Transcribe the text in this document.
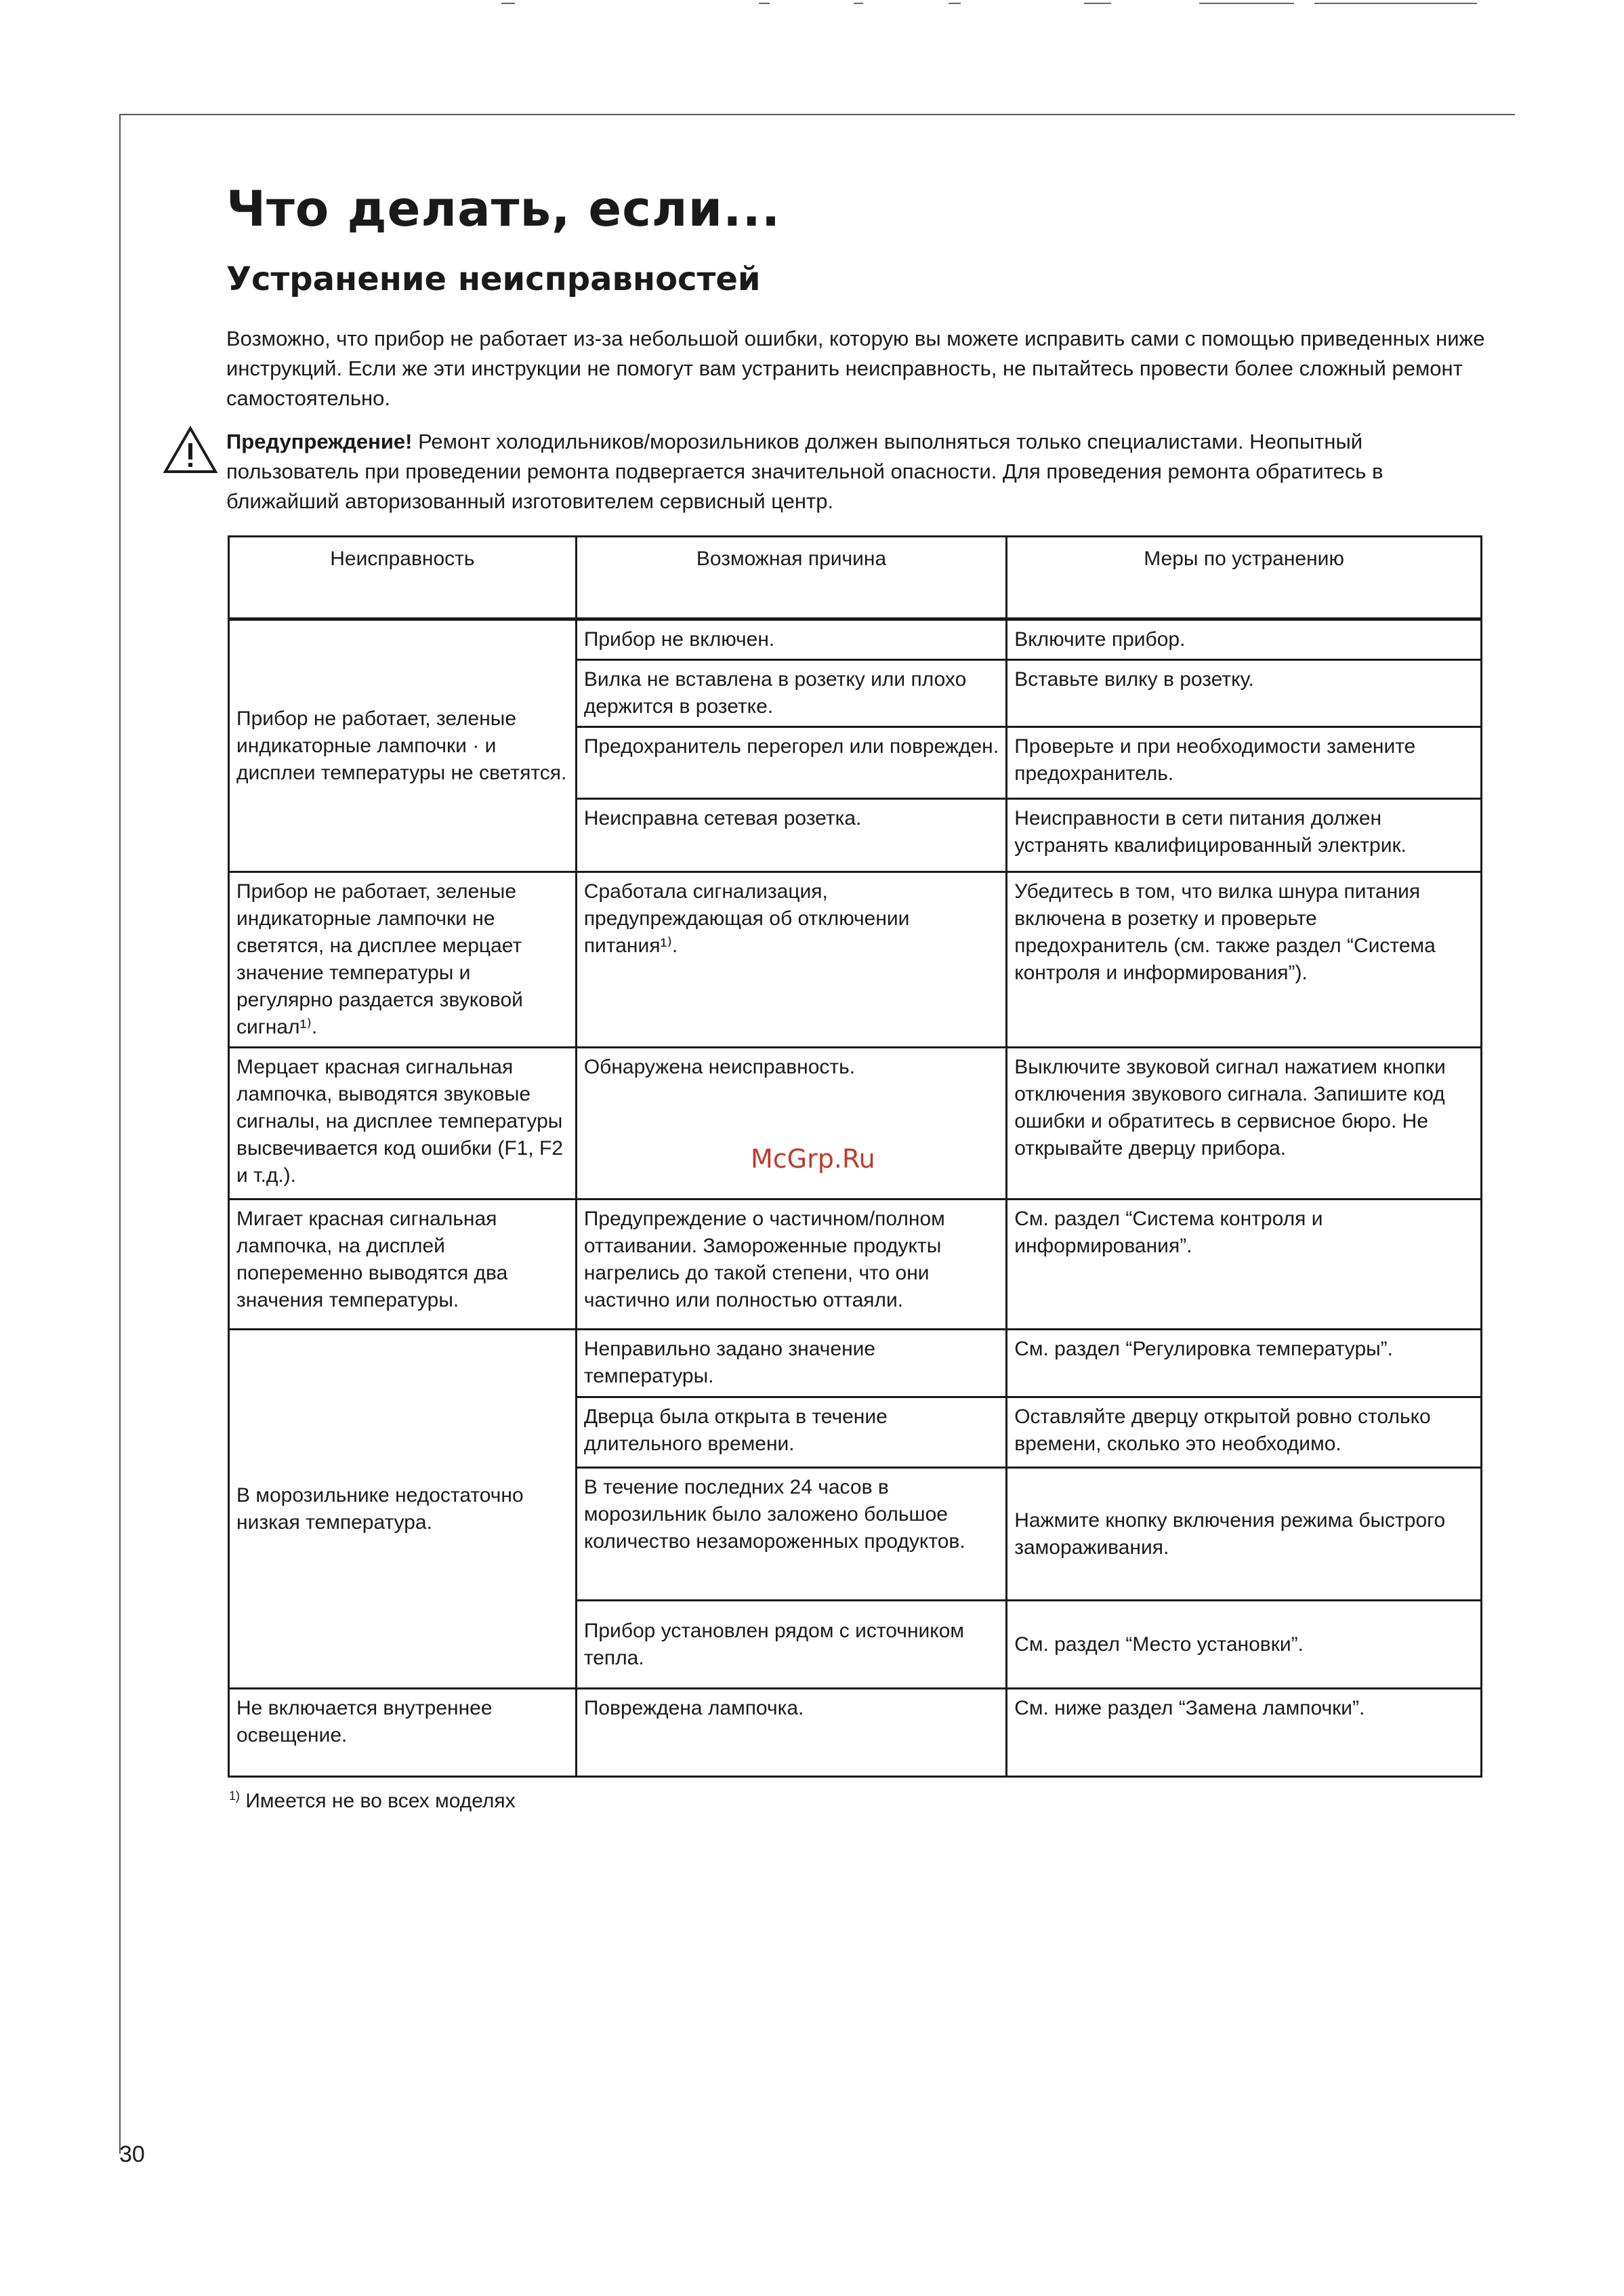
Что делать, если...
Устранение неисправностей

Возможно, что прибор не работает из-за небольшой ошибки, которую вы можете исправить сами с помощью приведенных ниже инструкций. Если же эти инструкции не помогут вам устранить неисправность, не пытайтесь провести более сложный ремонт самостоятельно.

Предупреждение! Ремонт холодильников/морозильников должен выполняться только специалистами. Неопытный пользователь при проведении ремонта подвергается значительной опасности. Для проведения ремонта обратитесь в ближайший авторизованный изготовителем сервисный центр.

Неисправность	Возможная причина	Меры по устранению
Прибор не работает, зеленые индикаторные лампочки · и дисплеи температуры не светятся.	Прибор не включен.	Включите прибор.
	Вилка не вставлена в розетку или плохо держится в розетке.	Вставьте вилку в розетку.
	Предохранитель перегорел или поврежден.	Проверьте и при необходимости замените предохранитель.
	Неисправна сетевая розетка.	Неисправности в сети питания должен устранять квалифицированный электрик.
Прибор не работает, зеленые индикаторные лампочки не светятся, на дисплее мерцает значение температуры и регулярно раздается звуковой сигнал¹⁾.	Сработала сигнализация, предупреждающая об отключении питания¹⁾.	Убедитесь в том, что вилка шнура питания включена в розетку и проверьте предохранитель (см. также раздел “Система контроля и информирования”).
Мерцает красная сигнальная лампочка, выводятся звуковые сигналы, на дисплее температуры высвечивается код ошибки (F1, F2 и т.д.).	Обнаружена неисправность.	Выключите звуковой сигнал нажатием кнопки отключения звукового сигнала. Запишите код ошибки и обратитесь в сервисное бюро. Не открывайте дверцу прибора.
Мигает красная сигнальная лампочка, на дисплей попеременно выводятся два значения температуры.	Предупреждение о частичном/полном оттаивании. Замороженные продукты нагрелись до такой степени, что они частично или полностью оттаяли.	См. раздел “Система контроля и информирования”.
В морозильнике недостаточно низкая температура.	Неправильно задано значение температуры.	См. раздел “Регулировка температуры”.
	Дверца была открыта в течение длительного времени.	Оставляйте дверцу открытой ровно столько времени, сколько это необходимо.
	В течение последних 24 часов в морозильник было заложено большое количество незамороженных продуктов.	Нажмите кнопку включения режима быстрого замораживания.
	Прибор установлен рядом с источником тепла.	См. раздел “Место установки”.
Не включается внутреннее освещение.	Повреждена лампочка.	См. ниже раздел “Замена лампочки”.
McGrp.Ru
$^{1)}$ Имеется не во всех моделях
30
